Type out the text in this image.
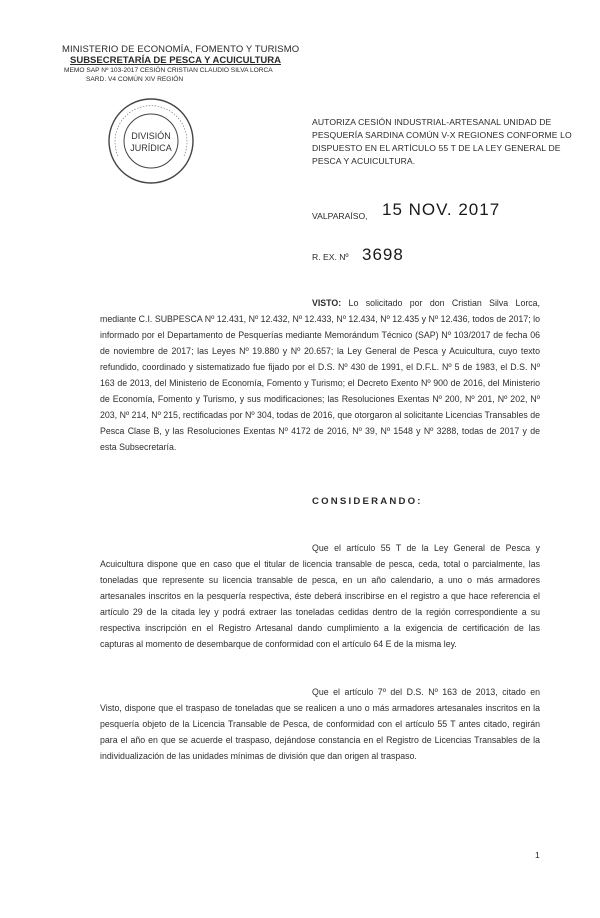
MINISTERIO DE ECONOMÍA, FOMENTO Y TURISMO
SUBSECRETARÍA DE PESCA Y ACUICULTURA
MEMO SAP Nº 103-2017 CESIÓN CRISTIAN CLAUDIO SILVA LORCA
SARD. V4 COMÚN XIV REGIÓN
DIVISIÓN
JURÍDICA
AUTORIZA CESIÓN INDUSTRIAL-ARTESANAL UNIDAD DE PESQUERÍA SARDINA COMÚN V-X REGIONES CONFORME LO DISPUESTO EN EL ARTÍCULO 55 T DE LA LEY GENERAL DE PESCA Y ACUICULTURA.
VALPARAÍSO, 15 NOV. 2017
R. EX. Nº 3698
VISTO: Lo solicitado por don Cristian Silva Lorca, mediante C.I. SUBPESCA Nº 12.431, Nº 12.432, Nº 12.433, Nº 12.434, Nº 12.435 y Nº 12.436, todos de 2017; lo informado por el Departamento de Pesquerías mediante Memorándum Técnico (SAP) Nº 103/2017 de fecha 06 de noviembre de 2017; las Leyes Nº 19.880 y Nº 20.657; la Ley General de Pesca y Acuicultura, cuyo texto refundido, coordinado y sistematizado fue fijado por el D.S. Nº 430 de 1991, el D.F.L. Nº 5 de 1983, el D.S. Nº 163 de 2013, del Ministerio de Economía, Fomento y Turismo; el Decreto Exento Nº 900 de 2016, del Ministerio de Economía, Fomento y Turismo, y sus modificaciones; las Resoluciones Exentas Nº 200, Nº 201, Nº 202, Nº 203, Nº 214, Nº 215, rectificadas por Nº 304, todas de 2016, que otorgaron al solicitante Licencias Transables de Pesca Clase B, y las Resoluciones Exentas Nº 4172 de 2016, Nº 39, Nº 1548 y Nº 3288, todas de 2017 y de esta Subsecretaría.
CONSIDERANDO:
Que el artículo 55 T de la Ley General de Pesca y Acuicultura dispone que en caso que el titular de licencia transable de pesca, ceda, total o parcialmente, las toneladas que represente su licencia transable de pesca, en un año calendario, a uno o más armadores artesanales inscritos en la pesquería respectiva, éste deberá inscribirse en el registro a que hace referencia el artículo 29 de la citada ley y podrá extraer las toneladas cedidas dentro de la región correspondiente a su respectiva inscripción en el Registro Artesanal dando cumplimiento a la exigencia de certificación de las capturas al momento de desembarque de conformidad con el artículo 64 E de la misma ley.
Que el artículo 7º del D.S. Nº 163 de 2013, citado en Visto, dispone que el traspaso de toneladas que se realicen a uno o más armadores artesanales inscritos en la pesquería objeto de la Licencia Transable de Pesca, de conformidad con el artículo 55 T antes citado, regirán para el año en que se acuerde el traspaso, dejándose constancia en el Registro de Licencias Transables de la individualización de las unidades mínimas de división que dan origen al traspaso.
1
